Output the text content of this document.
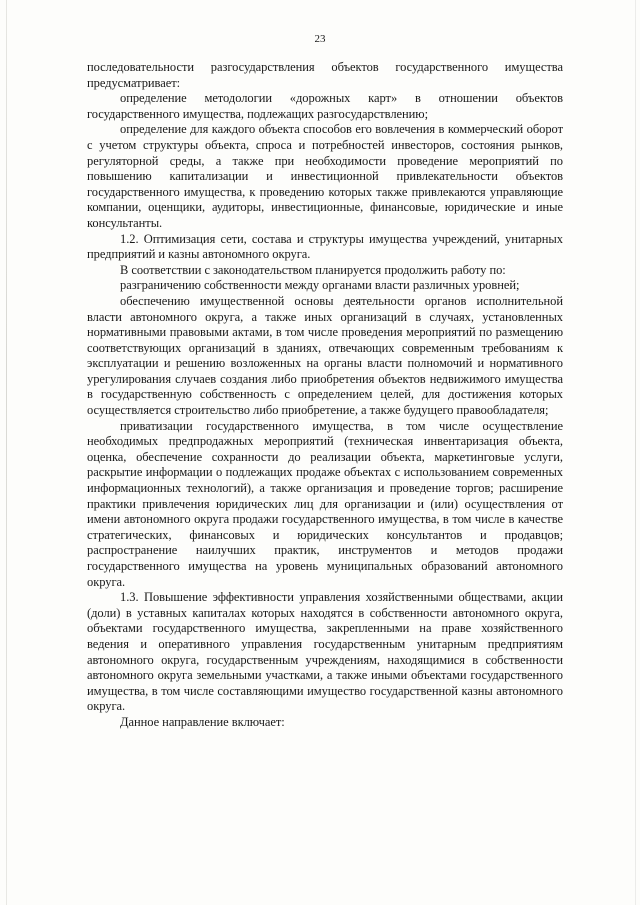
23

последовательности разгосударствления объектов государственного имущества предусматривает:

определение методологии «дорожных карт» в отношении объектов государственного имущества, подлежащих разгосударствлению;

определение для каждого объекта способов его вовлечения в коммерческий оборот с учетом структуры объекта, спроса и потребностей инвесторов, состояния рынков, регуляторной среды, а также при необходимости проведение мероприятий по повышению капитализации и инвестиционной привлекательности объектов государственного имущества, к проведению которых также привлекаются управляющие компании, оценщики, аудиторы, инвестиционные, финансовые, юридические и иные консультанты.

1.2. Оптимизация сети, состава и структуры имущества учреждений, унитарных предприятий и казны автономного округа.

В соответствии с законодательством планируется продолжить работу по:

разграничению собственности между органами власти различных уровней;

обеспечению имущественной основы деятельности органов исполнительной власти автономного округа, а также иных организаций в случаях, установленных нормативными правовыми актами, в том числе проведения мероприятий по размещению соответствующих организаций в зданиях, отвечающих современным требованиям к эксплуатации и решению возложенных на органы власти полномочий и нормативного урегулирования случаев создания либо приобретения объектов недвижимого имущества в государственную собственность с определением целей, для достижения которых осуществляется строительство либо приобретение, а также будущего правообладателя;

приватизации государственного имущества, в том числе осуществление необходимых предпродажных мероприятий (техническая инвентаризация объекта, оценка, обеспечение сохранности до реализации объекта, маркетинговые услуги, раскрытие информации о подлежащих продаже объектах с использованием современных информационных технологий), а также организация и проведение торгов; расширение практики привлечения юридических лиц для организации и (или) осуществления от имени автономного округа продажи государственного имущества, в том числе в качестве стратегических, финансовых и юридических консультантов и продавцов; распространение наилучших практик, инструментов и методов продажи государственного имущества на уровень муниципальных образований автономного округа.

1.3. Повышение эффективности управления хозяйственными обществами, акции (доли) в уставных капиталах которых находятся в собственности автономного округа, объектами государственного имущества, закрепленными на праве хозяйственного ведения и оперативного управления государственным унитарным предприятиям автономного округа, государственным учреждениям, находящимися в собственности автономного округа земельными участками, а также иными объектами государственного имущества, в том числе составляющими имущество государственной казны автономного округа.

Данное направление включает:
